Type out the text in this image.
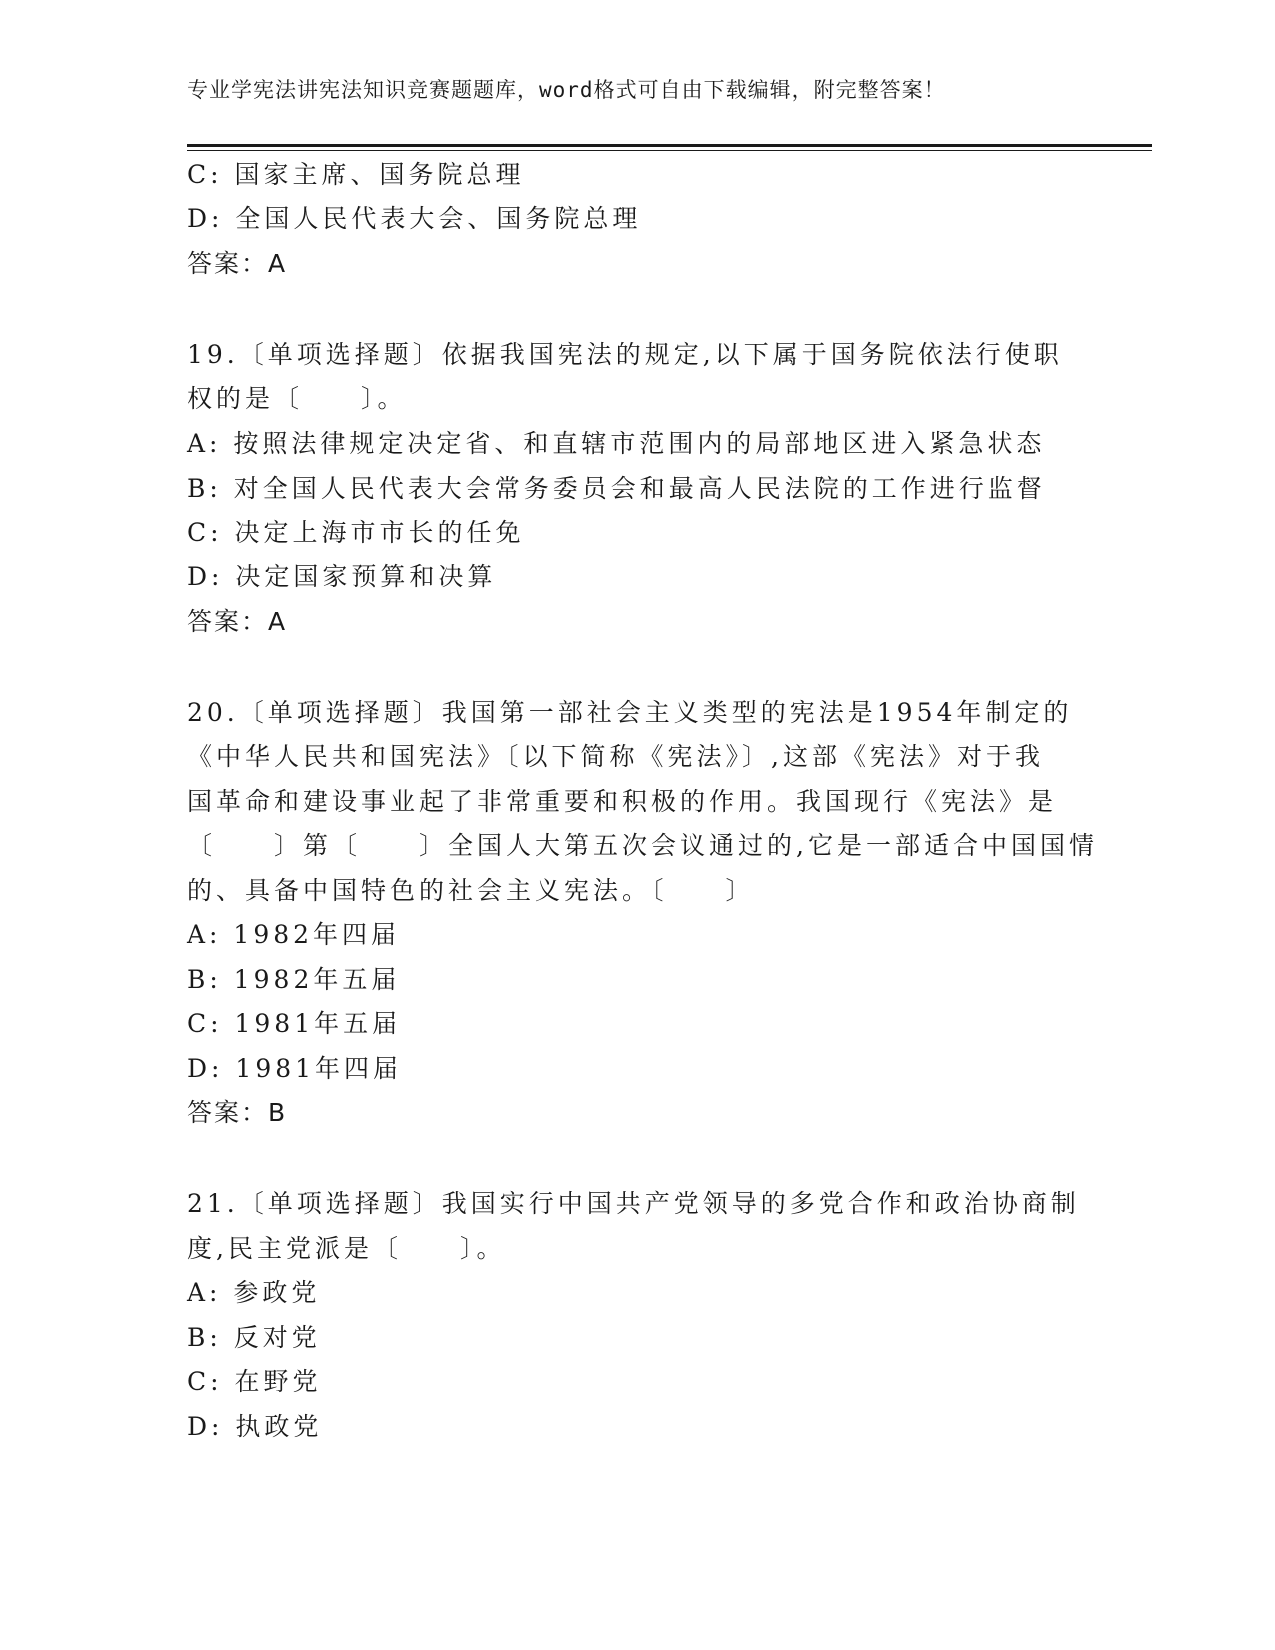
专业学宪法讲宪法知识竞赛题题库，word格式可自由下载编辑，附完整答案！
C: 国家主席、国务院总理
D: 全国人民代表大会、国务院总理
答案：A
19.〔单项选择题〕依据我国宪法的规定,以下属于国务院依法行使职
权的是〔　　〕。
A: 按照法律规定决定省、和直辖市范围内的局部地区进入紧急状态
B: 对全国人民代表大会常务委员会和最高人民法院的工作进行监督
C: 决定上海市市长的任免
D: 决定国家预算和决算
答案：A
20.〔单项选择题〕我国第一部社会主义类型的宪法是1954年制定的
《中华人民共和国宪法》〔以下简称《宪法》〕,这部《宪法》对于我
国革命和建设事业起了非常重要和积极的作用。我国现行《宪法》是
〔　　〕第〔　　〕全国人大第五次会议通过的,它是一部适合中国国情
的、具备中国特色的社会主义宪法。〔　　〕
A: 1982年四届
B: 1982年五届
C: 1981年五届
D: 1981年四届
答案：B
21.〔单项选择题〕我国实行中国共产党领导的多党合作和政治协商制
度,民主党派是〔　　〕。
A: 参政党
B: 反对党
C: 在野党
D: 执政党
